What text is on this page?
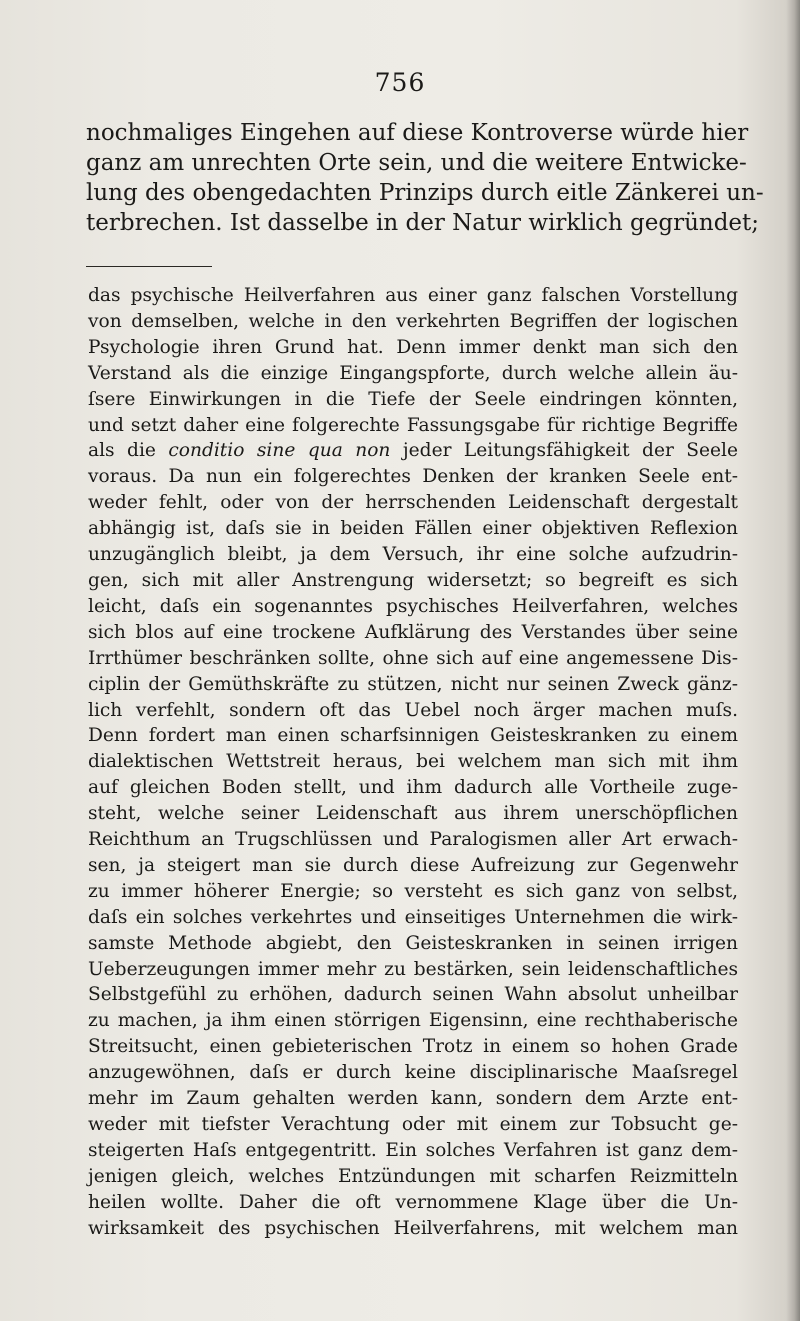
756
nochmaliges Eingehen auf diese Kontroverse würde hier
ganz am unrechten Orte sein, und die weitere Entwicke-
lung des obengedachten Prinzips durch eitle Zänkerei un-
terbrechen. Ist dasselbe in der Natur wirklich gegründet;
das psychische Heilverfahren aus einer ganz falschen Vorstellung
von demselben, welche in den verkehrten Begriffen der logischen
Psychologie ihren Grund hat. Denn immer denkt man sich den
Verstand als die einzige Eingangspforte, durch welche allein äu-
ſsere Einwirkungen in die Tiefe der Seele eindringen könnten,
und setzt daher eine folgerechte Fassungsgabe für richtige Begriffe
als die conditio sine qua non jeder Leitungsfähigkeit der Seele
voraus. Da nun ein folgerechtes Denken der kranken Seele ent-
weder fehlt, oder von der herrschenden Leidenschaft dergestalt
abhängig ist, daſs sie in beiden Fällen einer objektiven Reflexion
unzugänglich bleibt, ja dem Versuch, ihr eine solche aufzudrin-
gen, sich mit aller Anstrengung widersetzt; so begreift es sich
leicht, daſs ein sogenanntes psychisches Heilverfahren, welches
sich blos auf eine trockene Aufklärung des Verstandes über seine
Irrthümer beschränken sollte, ohne sich auf eine angemessene Dis-
ciplin der Gemüthskräfte zu stützen, nicht nur seinen Zweck gänz-
lich verfehlt, sondern oft das Uebel noch ärger machen muſs.
Denn fordert man einen scharfsinnigen Geisteskranken zu einem
dialektischen Wettstreit heraus, bei welchem man sich mit ihm
auf gleichen Boden stellt, und ihm dadurch alle Vortheile zuge-
steht, welche seiner Leidenschaft aus ihrem unerschöpflichen
Reichthum an Trugschlüssen und Paralogismen aller Art erwach-
sen, ja steigert man sie durch diese Aufreizung zur Gegenwehr
zu immer höherer Energie; so versteht es sich ganz von selbst,
daſs ein solches verkehrtes und einseitiges Unternehmen die wirk-
samste Methode abgiebt, den Geisteskranken in seinen irrigen
Ueberzeugungen immer mehr zu bestärken, sein leidenschaftliches
Selbstgefühl zu erhöhen, dadurch seinen Wahn absolut unheilbar
zu machen, ja ihm einen störrigen Eigensinn, eine rechthaberische
Streitsucht, einen gebieterischen Trotz in einem so hohen Grade
anzugewöhnen, daſs er durch keine disciplinarische Maaſsregel
mehr im Zaum gehalten werden kann, sondern dem Arzte ent-
weder mit tiefster Verachtung oder mit einem zur Tobsucht ge-
steigerten Haſs entgegentritt. Ein solches Verfahren ist ganz dem-
jenigen gleich, welches Entzündungen mit scharfen Reizmitteln
heilen wollte. Daher die oft vernommene Klage über die Un-
wirksamkeit des psychischen Heilverfahrens, mit welchem man
